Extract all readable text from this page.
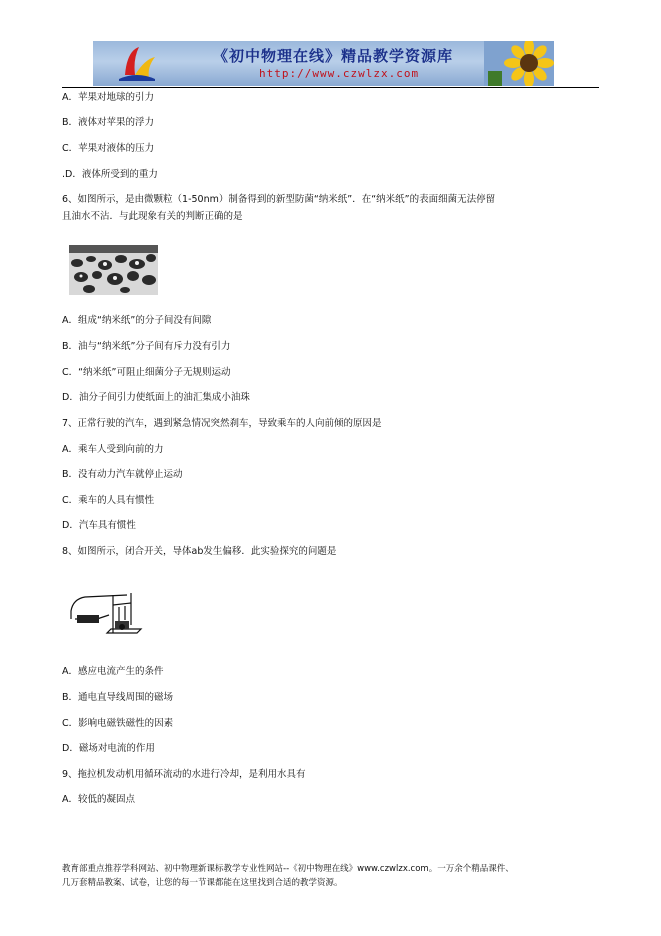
《初中物理在线》精品教学资源库
http://www.czwlzx.com
A．苹果对地球的引力
B．液体对苹果的浮力
C．苹果对液体的压力
.D．液体所受到的重力
6、如图所示，是由微颗粒（1-50nm）制备得到的新型防菌“纳米纸”．在“纳米纸”的表面细菌无法停留
且油水不沾．与此现象有关的判断正确的是
A．组成“纳米纸”的分子间没有间隙
B．油与“纳米纸”分子间有斥力没有引力
C．“纳米纸”可阻止细菌分子无规则运动
D．油分子间引力使纸面上的油汇集成小油珠
7、正常行驶的汽车，遇到紧急情况突然刹车，导致乘车的人向前倾的原因是
A．乘车人受到向前的力
B．没有动力汽车就停止运动
C．乘车的人具有惯性
D．汽车具有惯性
8、如图所示，闭合开关，导体ab发生偏移．此实验探究的问题是
A．感应电流产生的条件
B．通电直导线周围的磁场
C．影响电磁铁磁性的因素
D．磁场对电流的作用
9、拖拉机发动机用循环流动的水进行冷却，是利用水具有
A．较低的凝固点
教育部重点推荐学科网站、初中物理新课标教学专业性网站--《初中物理在线》www.czwlzx.com。一万余个精品课件、
几万套精品教案、试卷，让您的每一节课都能在这里找到合适的教学资源。
